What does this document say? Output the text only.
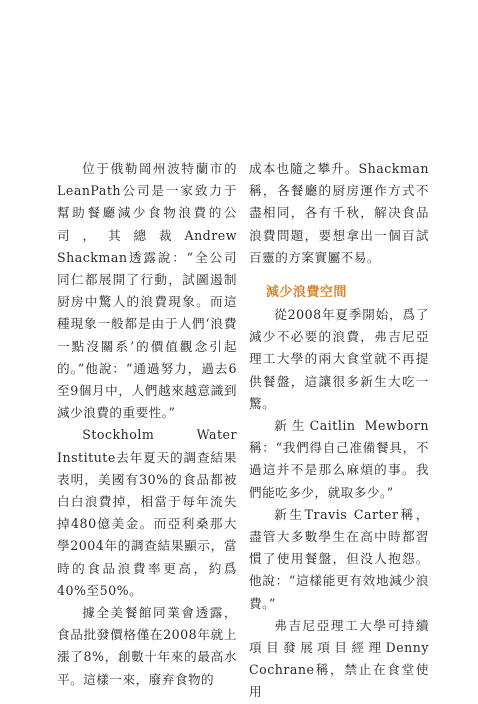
位于俄勒岡州波特蘭市的LeanPath公司是一家致力于幫助餐廳減少食物浪費的公司，其總裁Andrew Shackman透露說：“全公司同仁都展開了行動，試圖遏制厨房中驚人的浪費現象。而這種現象一般都是由于人們‘浪費一點沒關系’的價值觀念引起的。”他說：“通過努力，過去6至9個月中，人們越來越意識到減少浪費的重要性。”

Stockholm Water Institute去年夏天的調查結果表明，美國有30%的食品都被白白浪費掉，相當于每年流失掉480億美金。而亞利桑那大學2004年的調查結果顯示，當時的食品浪費率更高，約爲40%至50%。

據全美餐館同業會透露，食品批發價格僅在2008年就上漲了8%，創數十年來的最高水平。這樣一來，廢弃食物的

成本也隨之攀升。Shackman稱，各餐廳的厨房運作方式不盡相同，各有千秋，解决食品浪費問題，要想拿出一個百試百靈的方案實屬不易。

減少浪費空間

從2008年夏季開始，爲了減少不必要的浪費，弗吉尼亞理工大學的兩大食堂就不再提供餐盤，這讓很多新生大吃一驚。

新生Caitlin Mewborn稱：“我們得自己准備餐具，不過這并不是那么麻煩的事。我們能吃多少，就取多少。”

新生Travis Carter稱，盡管大多數學生在高中時都習慣了使用餐盤，但没人抱怨。他說：“這樣能更有效地減少浪費。”

弗吉尼亞理工大學可持續項目發展項目經理Denny Cochrane稱，禁止在食堂使用
